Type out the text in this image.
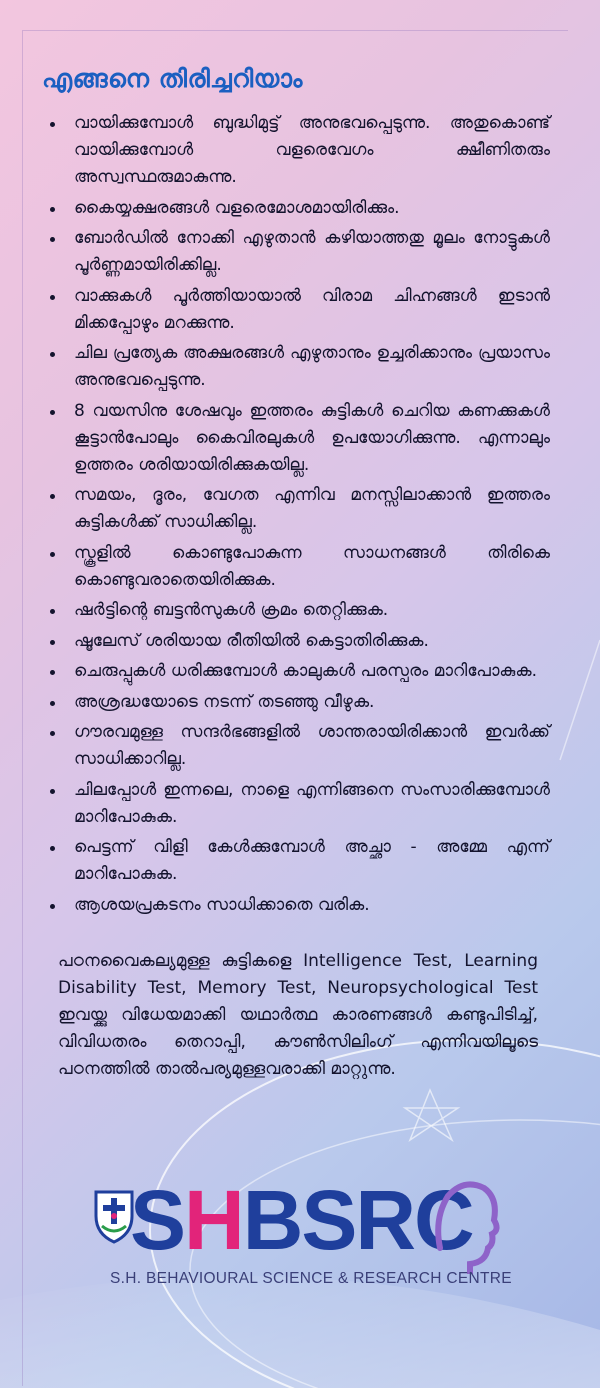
എങ്ങനെ തിരിച്ചറിയാം
വായിക്കുമ്പോൾ ബുദ്ധിമുട്ട് അനുഭവപ്പെടുന്നു. അതുകൊണ്ട് വായിക്കുമ്പോൾ വളരെവേഗം ക്ഷീണിതരും അസ്വസ്ഥരുമാകുന്നു.
കൈയ്യക്ഷരങ്ങൾ വളരെമോശമായിരിക്കും.
ബോർഡിൽ നോക്കി എഴുതാൻ കഴിയാത്തതു മൂലം നോട്ടുകൾ പൂർണ്ണമായിരിക്കില്ല.
വാക്കുകൾ പൂർത്തിയായാൽ വിരാമ ചിഹ്നങ്ങൾ ഇടാൻ മിക്കപ്പോഴും മറക്കുന്നു.
ചില പ്രത്യേക അക്ഷരങ്ങൾ എഴുതാനും ഉച്ചരിക്കാനും പ്രയാസം അനുഭവപ്പെടുന്നു.
8 വയസിനു ശേഷവും ഇത്തരം കുട്ടികൾ ചെറിയ കണക്കുകൾ കൂട്ടാൻപോലും കൈവിരലുകൾ ഉപയോഗിക്കുന്നു. എന്നാലും ഉത്തരം ശരിയായിരിക്കുകയില്ല.
സമയം, ദൂരം, വേഗത എന്നിവ മനസ്സിലാക്കാൻ ഇത്തരം കുട്ടികൾക്ക് സാധിക്കില്ല.
സ്കൂളിൽ കൊണ്ടുപോകുന്ന സാധനങ്ങൾ തിരികെ കൊണ്ടുവരാതെയിരിക്കുക.
ഷർട്ടിന്റെ ബട്ടൻസുകൾ ക്രമം തെറ്റിക്കുക.
ഷൂലേസ് ശരിയായ രീതിയിൽ കെട്ടാതിരിക്കുക.
ചെരുപ്പുകൾ ധരിക്കുമ്പോൾ കാലുകൾ പരസ്പരം മാറിപോകുക.
അശ്രദ്ധയോടെ നടന്ന് തടഞ്ഞു വീഴുക.
ഗൗരവമുള്ള സന്ദർഭങ്ങളിൽ ശാന്തരായിരിക്കാൻ ഇവർക്ക് സാധിക്കാറില്ല.
ചിലപ്പോൾ ഇന്നലെ, നാളെ എന്നിങ്ങനെ സംസാരിക്കുമ്പോൾ മാറിപോകുക.
പെട്ടന്ന് വിളി കേൾക്കുമ്പോൾ അച്ഛാ - അമ്മേ എന്ന് മാറിപോകുക.
ആശയപ്രകടനം സാധിക്കാതെ വരിക.

പഠനവൈകല്യമുള്ള കുട്ടികളെ Intelligence Test, Learning Disability Test, Memory Test, Neuropsychological Test ഇവയ്ക്കു വിധേയമാക്കി യഥാർത്ഥ കാരണങ്ങൾ കണ്ടുപിടിച്ച്, വിവിധതരം തെറാപ്പി, കൗൺസിലിംഗ് എന്നിവയിലൂടെ പഠനത്തിൽ താൽപര്യമുള്ളവരാക്കി മാറ്റുന്നു.

SHBSRC
S.H. BEHAVIOURAL SCIENCE & RESEARCH CENTRE
